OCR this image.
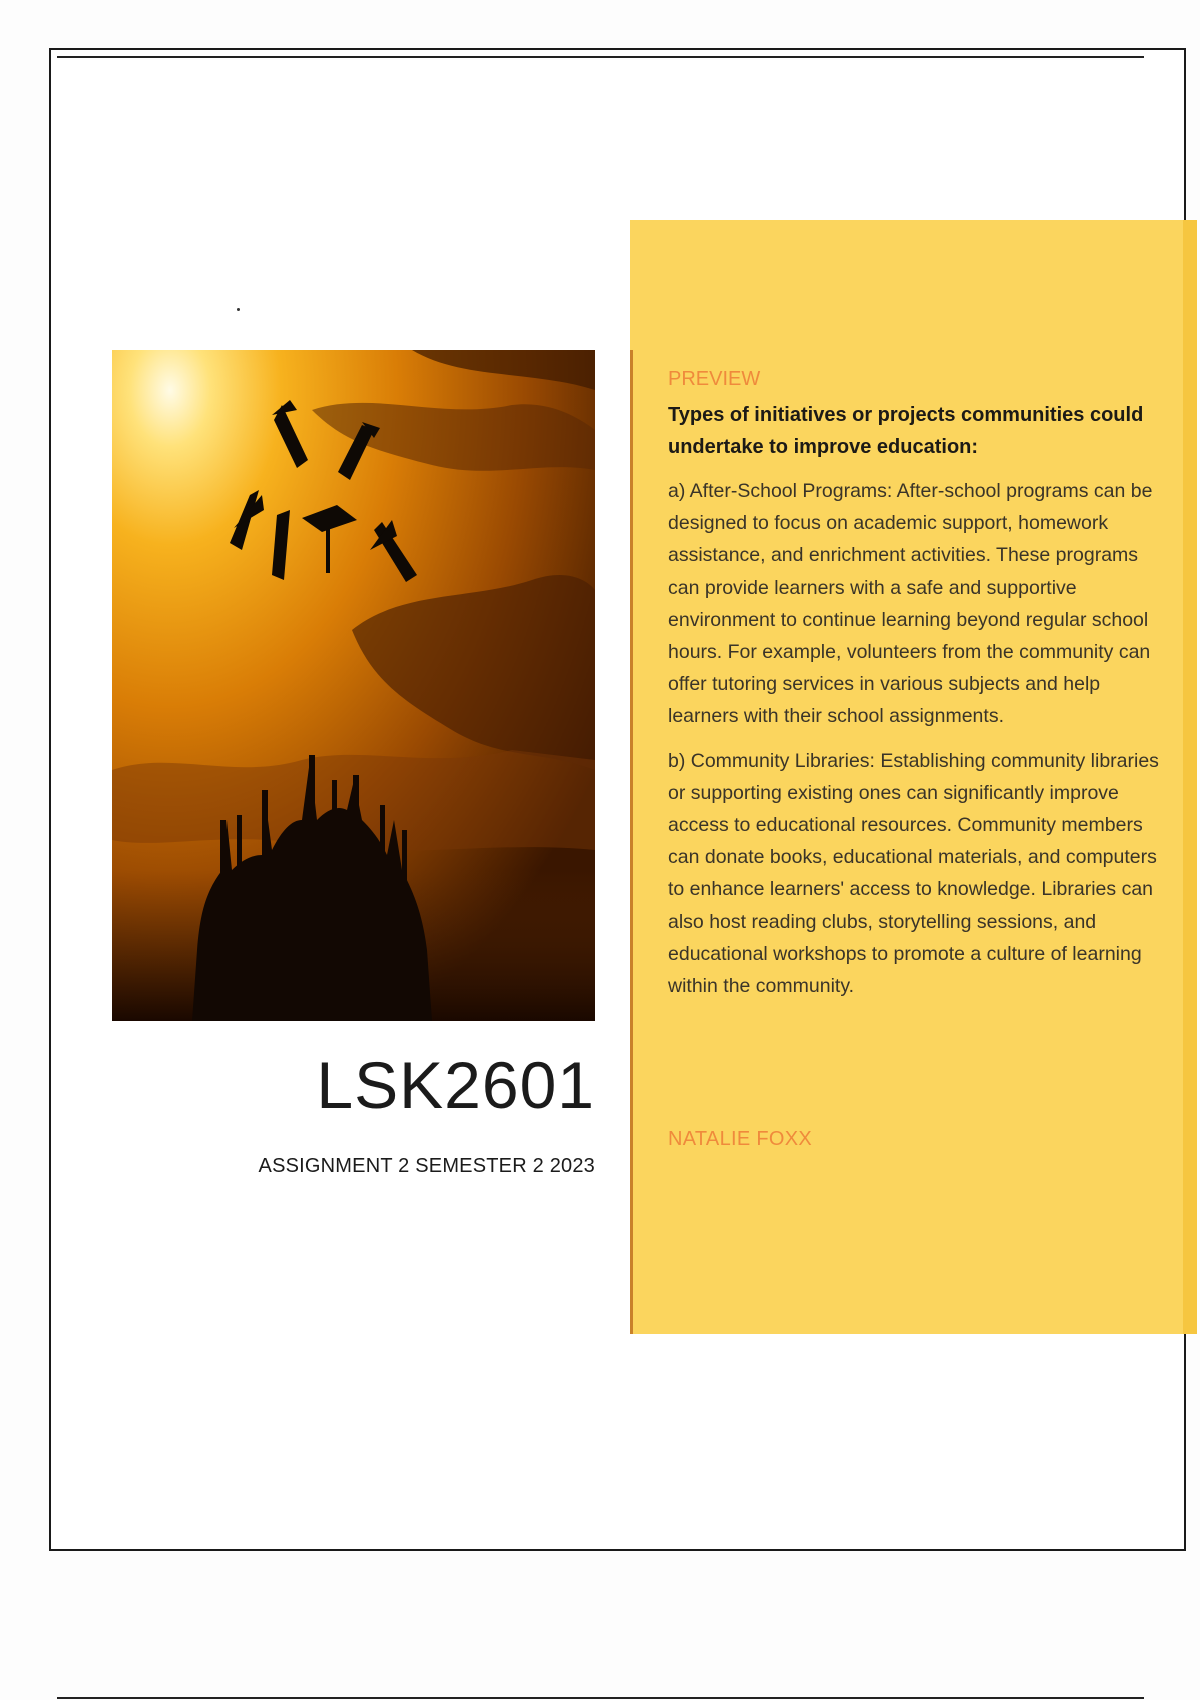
LSK2601
ASSIGNMENT 2 SEMESTER 2 2023
PREVIEW
Types of initiatives or projects communities could undertake to improve education:

a) After-School Programs: After-school programs can be designed to focus on academic support, homework assistance, and enrichment activities. These programs can provide learners with a safe and supportive environment to continue learning beyond regular school hours. For example, volunteers from the community can offer tutoring services in various subjects and help learners with their school assignments.

b) Community Libraries: Establishing community libraries or supporting existing ones can significantly improve access to educational resources. Community members can donate books, educational materials, and computers to enhance learners' access to knowledge. Libraries can also host reading clubs, storytelling sessions, and educational workshops to promote a culture of learning within the community.

NATALIE FOXX
